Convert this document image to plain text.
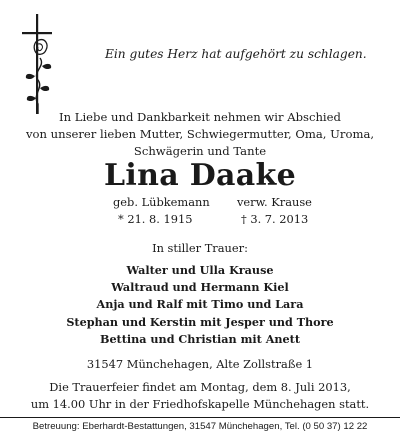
Ein gutes Herz hat aufgehört zu schlagen.
In Liebe und Dankbarkeit nehmen wir Abschied
von unserer lieben Mutter, Schwiegermutter, Oma, Uroma,
Schwägerin und Tante
Lina Daake
geb. Lübkemann
* 21. 8. 1915
verw. Krause
† 3. 7. 2013
In stiller Trauer:
Walter und Ulla Krause
Waltraud und Hermann Kiel
Anja und Ralf mit Timo und Lara
Stephan und Kerstin mit Jesper und Thore
Bettina und Christian mit Anett
31547 Münchehagen, Alte Zollstraße 1
Die Trauerfeier findet am Montag, dem 8. Juli 2013,
um 14.00 Uhr in der Friedhofskapelle Münchehagen statt.
Betreuung: Eberhardt-Bestattungen, 31547 Münchehagen, Tel. (0 50 37) 12 22
